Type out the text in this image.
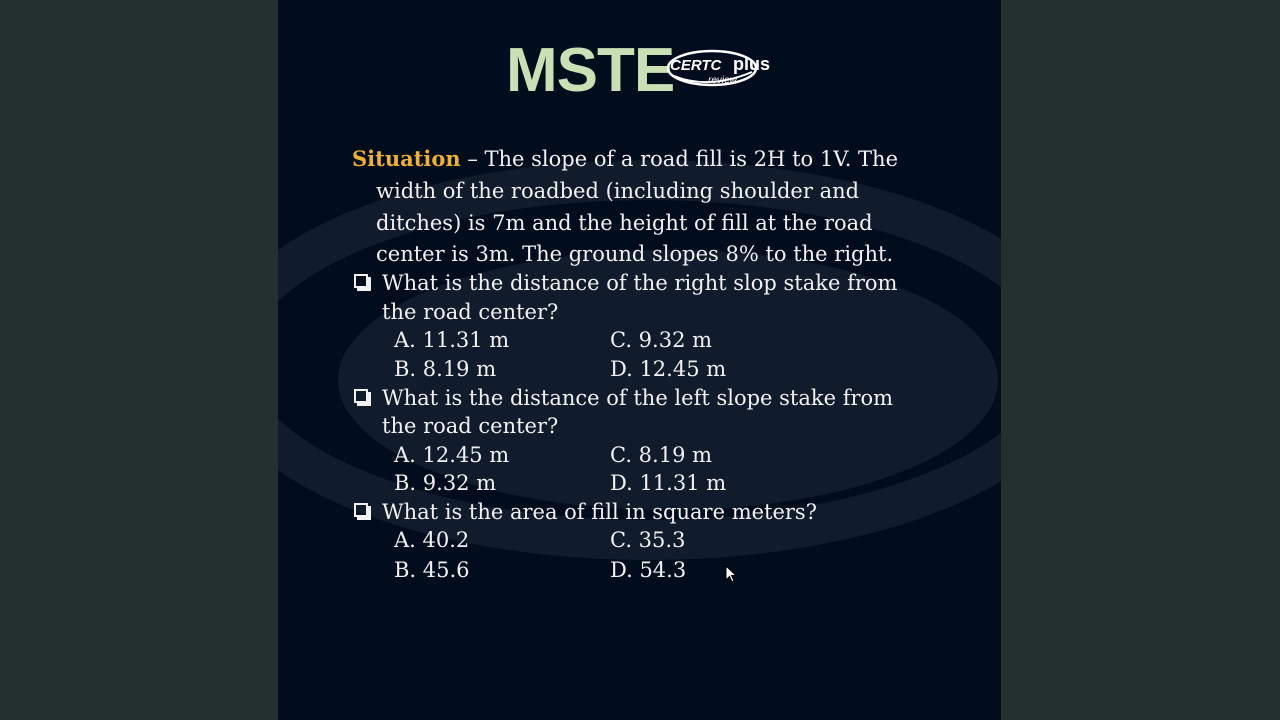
MSTE
CERTC
review
plus
Situation – The slope of a road fill is 2H to 1V. The
width of the roadbed (including shoulder and
ditches) is 7m and the height of fill at the road
center is 3m. The ground slopes 8% to the right.
What is the distance of the right slop stake from
the road center?
A. 11.31 m	C. 9.32 m
B. 8.19 m	D. 12.45 m
What is the distance of the left slope stake from
the road center?
A. 12.45 m	C. 8.19 m
B. 9.32 m	D. 11.31 m
What is the area of fill in square meters?
A. 40.2	C. 35.3
B. 45.6	D. 54.3
